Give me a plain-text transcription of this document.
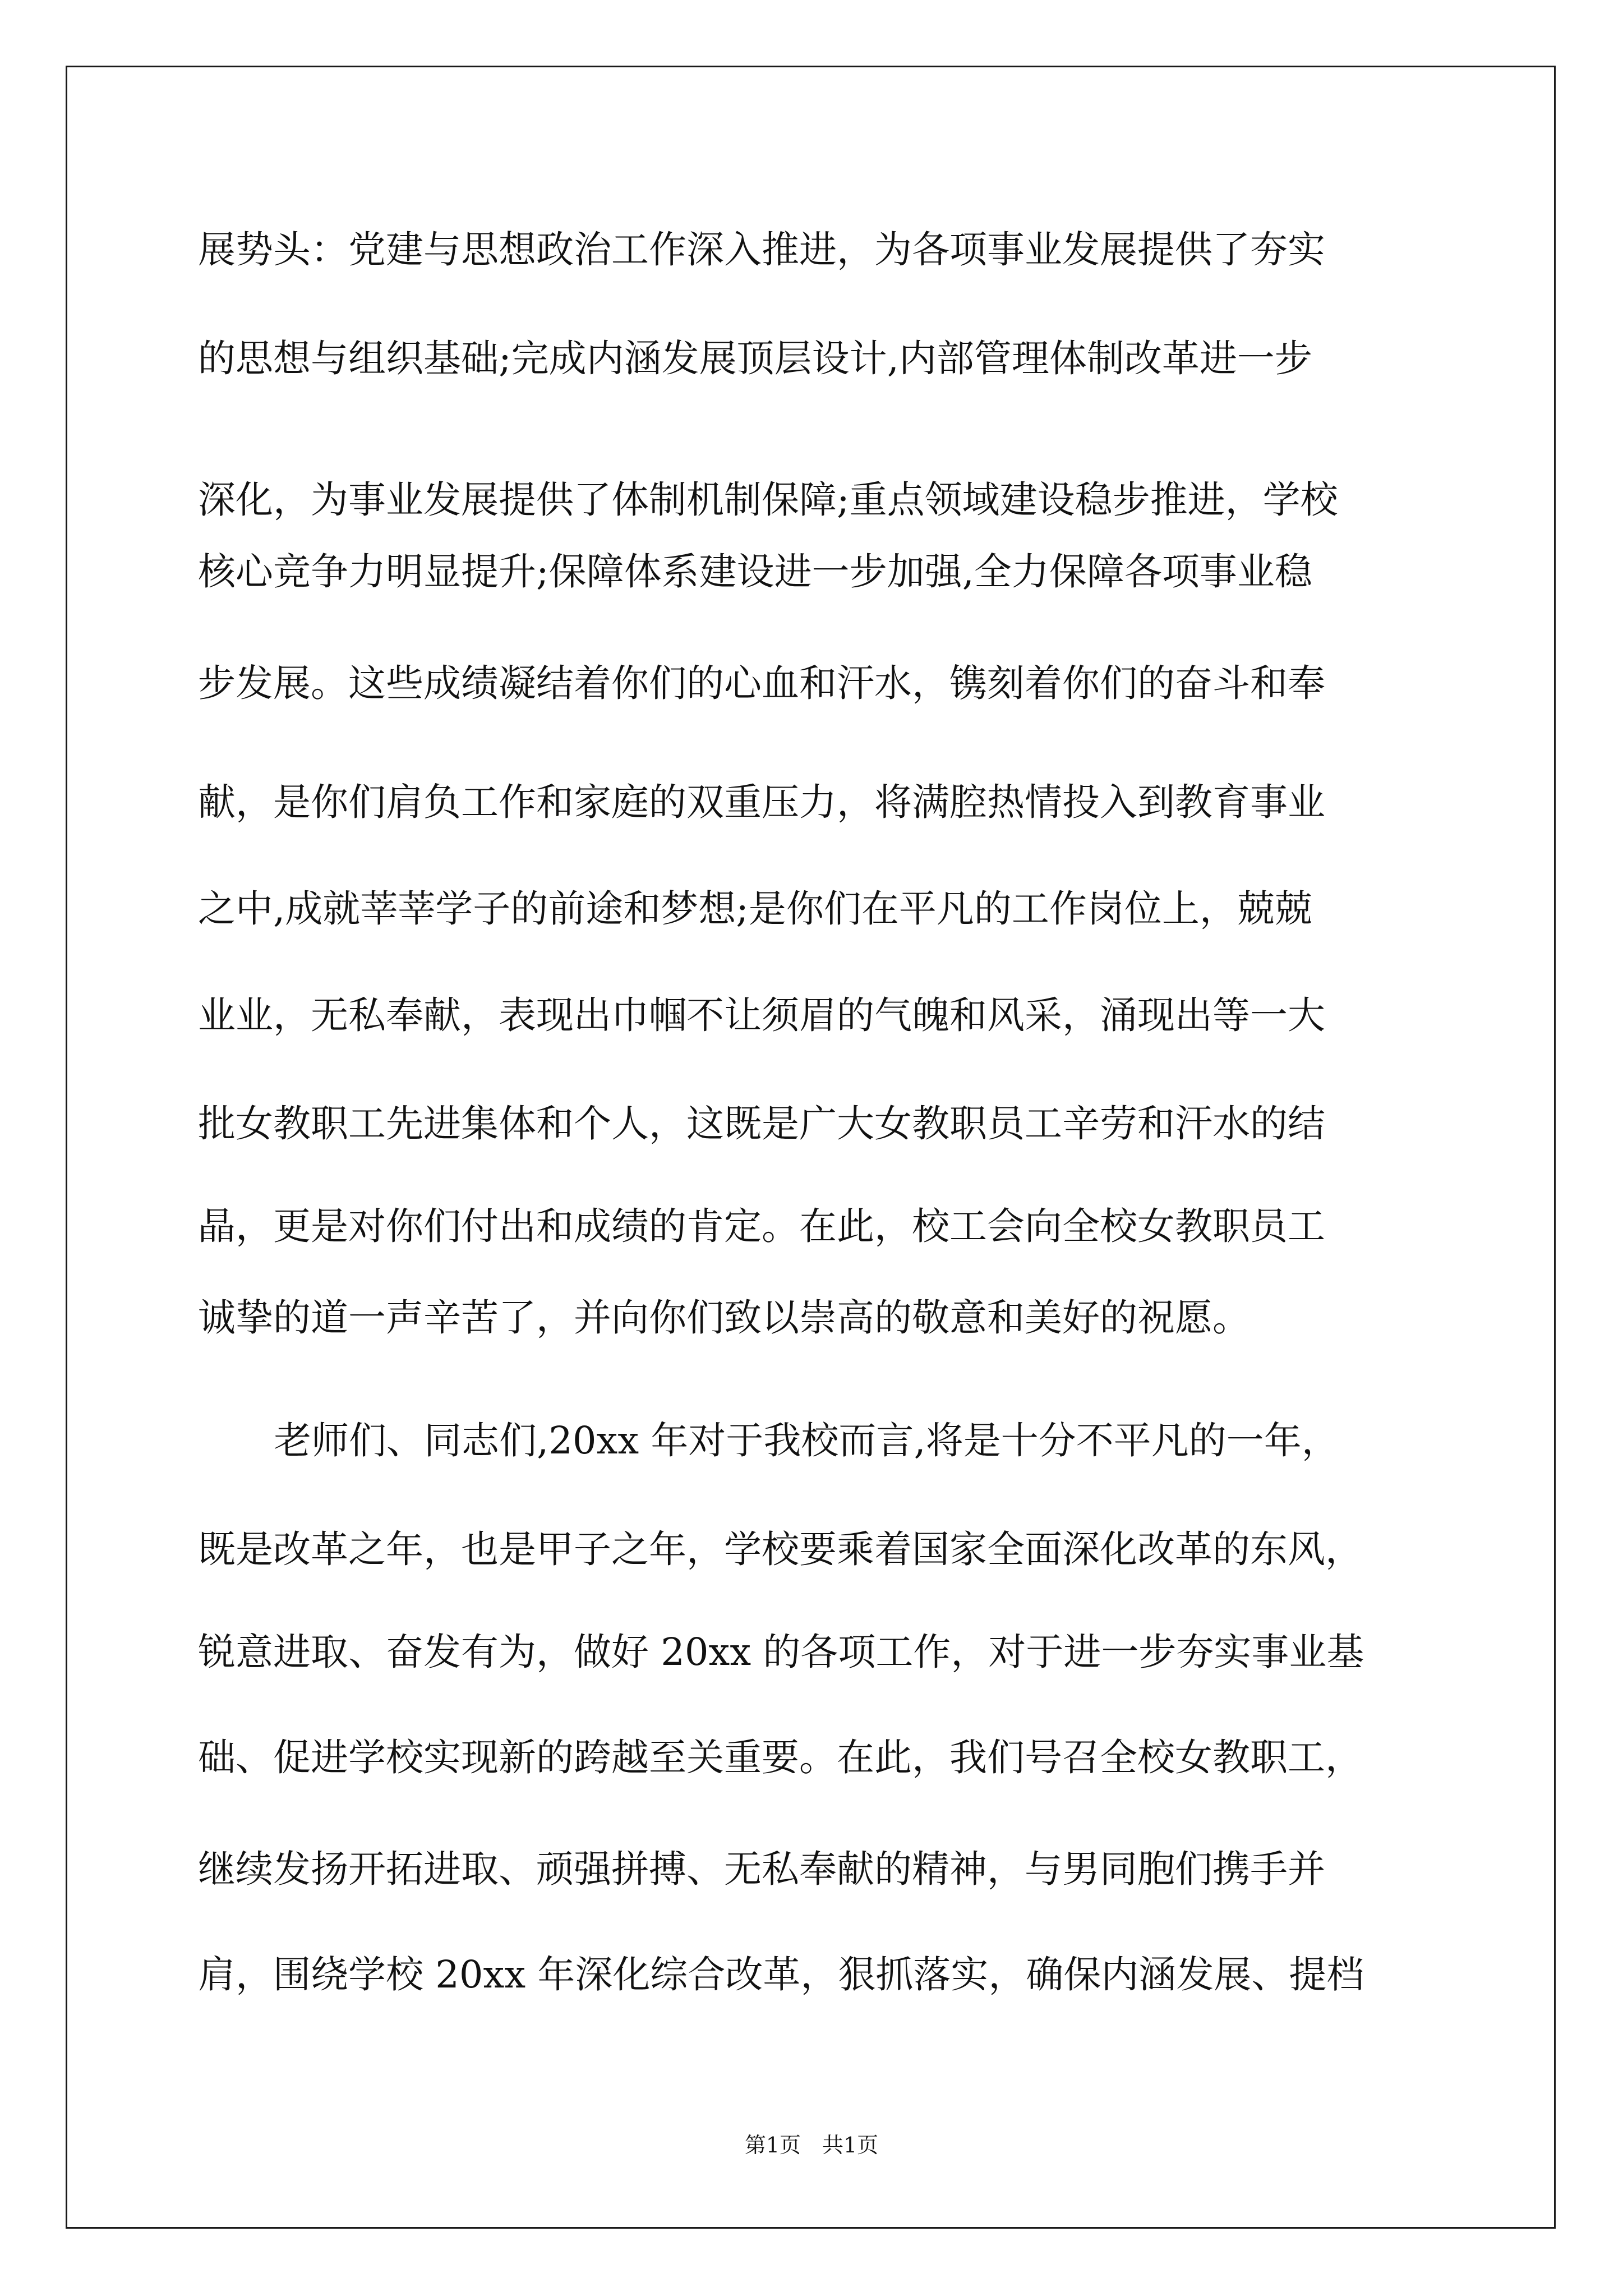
展势头：党建与思想政治工作深入推进，为各项事业发展提供了夯实

的思想与组织基础;完成内涵发展顶层设计,内部管理体制改革进一步

深化，为事业发展提供了体制机制保障;重点领域建设稳步推进，学校

核心竞争力明显提升;保障体系建设进一步加强,全力保障各项事业稳

步发展。这些成绩凝结着你们的心血和汗水，镌刻着你们的奋斗和奉

献，是你们肩负工作和家庭的双重压力，将满腔热情投入到教育事业

之中,成就莘莘学子的前途和梦想;是你们在平凡的工作岗位上，兢兢

业业，无私奉献，表现出巾帼不让须眉的气魄和风采，涌现出等一大

批女教职工先进集体和个人，这既是广大女教职员工辛劳和汗水的结

晶，更是对你们付出和成绩的肯定。在此，校工会向全校女教职员工

诚挚的道一声辛苦了，并向你们致以崇高的敬意和美好的祝愿。

老师们、同志们,20xx 年对于我校而言,将是十分不平凡的一年，

既是改革之年，也是甲子之年，学校要乘着国家全面深化改革的东风，

锐意进取、奋发有为，做好 20xx 的各项工作，对于进一步夯实事业基

础、促进学校实现新的跨越至关重要。在此，我们号召全校女教职工，

继续发扬开拓进取、顽强拼搏、无私奉献的精神，与男同胞们携手并

肩，围绕学校 20xx 年深化综合改革，狠抓落实，确保内涵发展、提档

第1页　共1页
